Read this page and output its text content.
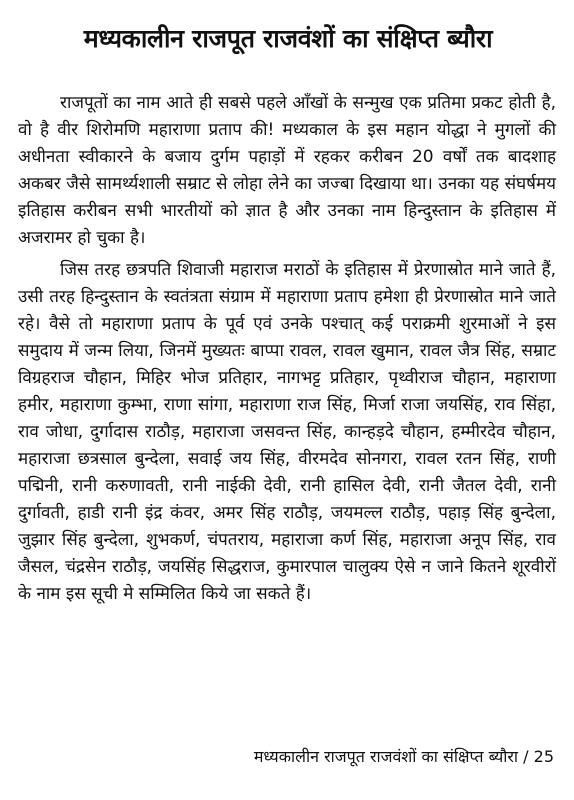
मध्यकालीन राजपूत राजवंशों का संक्षिप्त ब्यौरा

राजपूतों का नाम आते ही सबसे पहले आँखों के सन्मुख एक प्रतिमा प्रकट होती है, वो है वीर शिरोमणि महाराणा प्रताप की! मध्यकाल के इस महान योद्धा ने मुगलों की अधीनता स्वीकारने के बजाय दुर्गम पहाड़ों में रहकर करीबन 20 वर्षों तक बादशाह अकबर जैसे सामर्थ्यशाली सम्राट से लोहा लेने का जज्बा दिखाया था। उनका यह संघर्षमय इतिहास करीबन सभी भारतीयों को ज्ञात है और उनका नाम हिन्दुस्तान के इतिहास में अजरामर हो चुका है।

जिस तरह छत्रपति शिवाजी महाराज मराठों के इतिहास में प्रेरणास्रोत माने जाते हैं, उसी तरह हिन्दुस्तान के स्वतंत्रता संग्राम में महाराणा प्रताप हमेशा ही प्रेरणास्रोत माने जाते रहे। वैसे तो महाराणा प्रताप के पूर्व एवं उनके पश्चात् कई पराक्रमी शुरमाओं ने इस समुदाय में जन्म लिया, जिनमें मुख्यतः बाप्पा रावल, रावल खुमान, रावल जैत्र सिंह, सम्राट विग्रहराज चौहान, मिहिर भोज प्रतिहार, नागभट्ट प्रतिहार, पृथ्वीराज चौहान, महाराणा हमीर, महाराणा कुम्भा, राणा सांगा, महाराणा राज सिंह, मिर्जा राजा जयसिंह, राव सिंहा, राव जोधा, दुर्गादास राठौड़, महाराजा जसवन्त सिंह, कान्हड़दे चौहान, हम्मीरदेव चौहान, महाराजा छत्रसाल बुन्देला, सवाई जय सिंह, वीरमदेव सोनगरा, रावल रतन सिंह, राणी पद्मिनी, रानी करुणावती, रानी नाईकी देवी, रानी हासिल देवी, रानी जैतल देवी, रानी दुर्गावती, हाडी रानी इंद्र कंवर, अमर सिंह राठौड़, जयमल्ल राठौड़, पहाड़ सिंह बुन्देला, जुझार सिंह बुन्देला, शुभकर्ण, चंपतराय, महाराजा कर्ण सिंह, महाराजा अनूप सिंह, राव जैसल, चंद्रसेन राठौड़, जयसिंह सिद्धराज, कुमारपाल चालुक्य ऐसे न जाने कितने शूरवीरों के नाम इस सूची मे सम्मिलित किये जा सकते हैं।

मध्यकालीन राजपूत राजवंशों का संक्षिप्त ब्यौरा / 25
